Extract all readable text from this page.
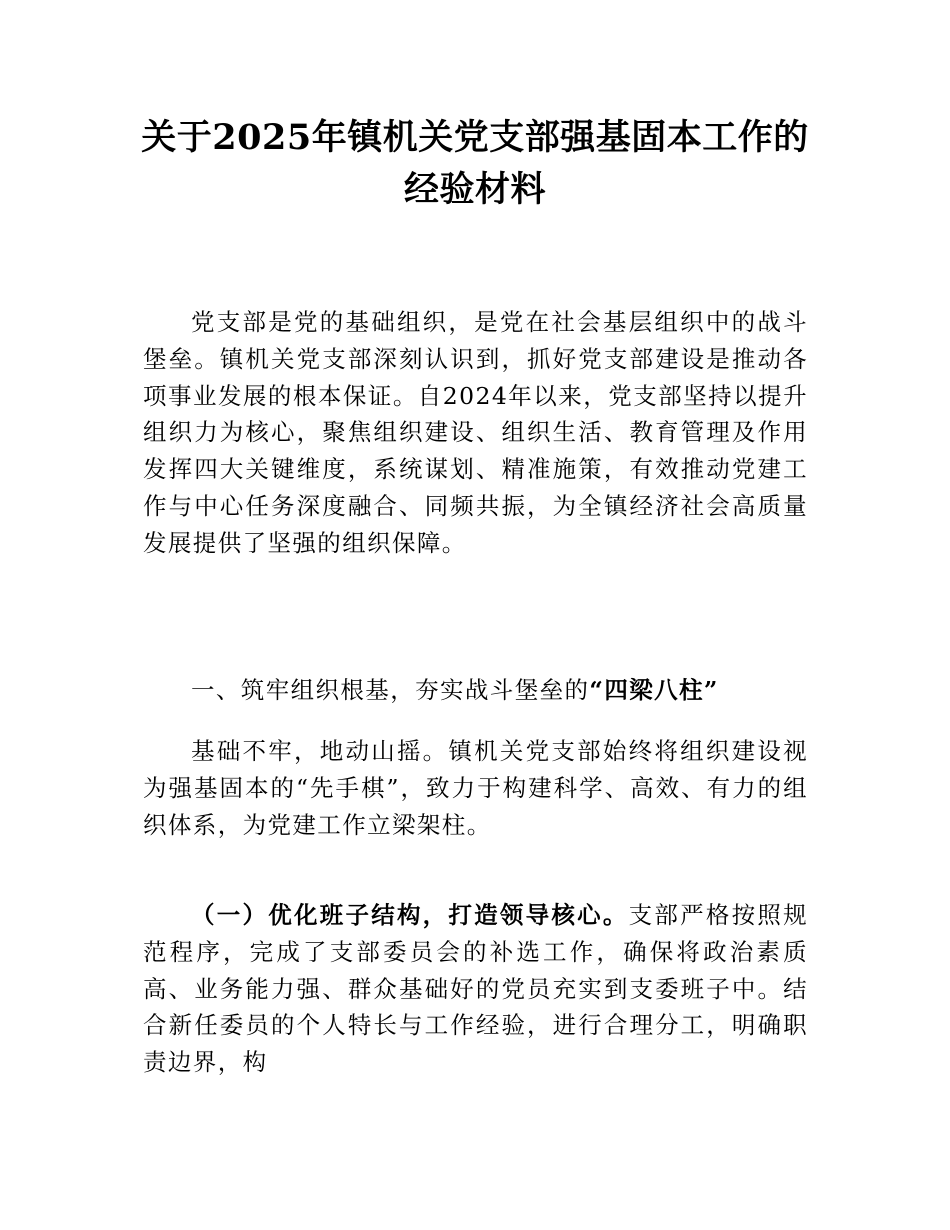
关于2025年镇机关党支部强基固本工作的经验材料

党支部是党的基础组织，是党在社会基层组织中的战斗堡垒。镇机关党支部深刻认识到，抓好党支部建设是推动各项事业发展的根本保证。自2024年以来，党支部坚持以提升组织力为核心，聚焦组织建设、组织生活、教育管理及作用发挥四大关键维度，系统谋划、精准施策，有效推动党建工作与中心任务深度融合、同频共振，为全镇经济社会高质量发展提供了坚强的组织保障。

一、筑牢组织根基，夯实战斗堡垒的“四梁八柱”

基础不牢，地动山摇。镇机关党支部始终将组织建设视为强基固本的“先手棋”，致力于构建科学、高效、有力的组织体系，为党建工作立梁架柱。

（一）优化班子结构，打造领导核心。支部严格按照规范程序，完成了支部委员会的补选工作，确保将政治素质高、业务能力强、群众基础好的党员充实到支委班子中。结合新任委员的个人特长与工作经验，进行合理分工，明确职责边界，构
